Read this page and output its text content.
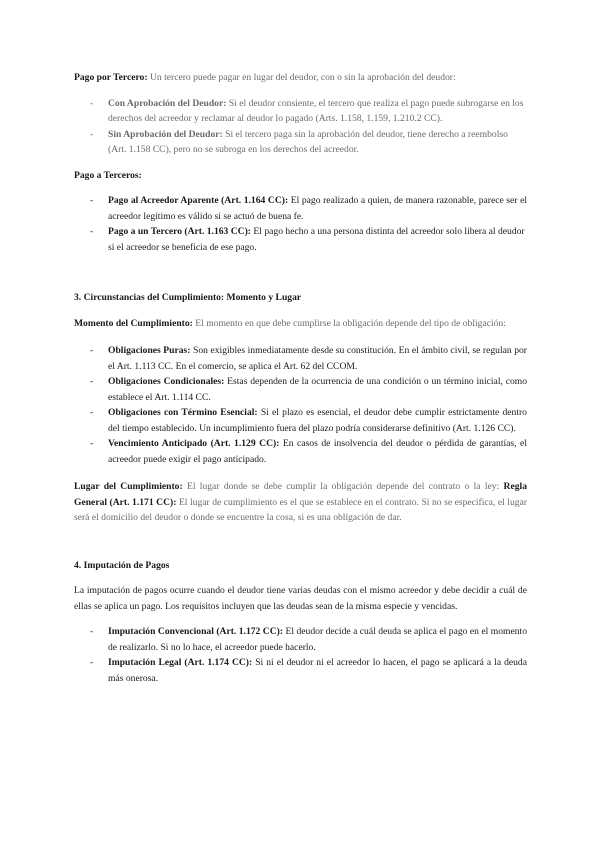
Pago por Tercero: Un tercero puede pagar en lugar del deudor, con o sin la aprobación del deudor:

- Con Aprobación del Deudor: Si el deudor consiente, el tercero que realiza el pago puede subrogarse en los derechos del acreedor y reclamar al deudor lo pagado (Arts. 1.158, 1.159, 1.210.2 CC).
- Sin Aprobación del Deudor: Si el tercero paga sin la aprobación del deudor, tiene derecho a reembolso (Art. 1.158 CC), pero no se subroga en los derechos del acreedor.

Pago a Terceros:

- Pago al Acreedor Aparente (Art. 1.164 CC): El pago realizado a quien, de manera razonable, parece ser el acreedor legítimo es válido si se actuó de buena fe.
- Pago a un Tercero (Art. 1.163 CC): El pago hecho a una persona distinta del acreedor solo libera al deudor si el acreedor se beneficia de ese pago.

3. Circunstancias del Cumplimiento: Momento y Lugar

Momento del Cumplimiento: El momento en que debe cumplirse la obligación depende del tipo de obligación:

- Obligaciones Puras: Son exigibles inmediatamente desde su constitución. En el ámbito civil, se regulan por el Art. 1.113 CC. En el comercio, se aplica el Art. 62 del CCOM.
- Obligaciones Condicionales: Estas dependen de la ocurrencia de una condición o un término inicial, como establece el Art. 1.114 CC.
- Obligaciones con Término Esencial: Si el plazo es esencial, el deudor debe cumplir estrictamente dentro del tiempo establecido. Un incumplimiento fuera del plazo podría considerarse definitivo (Art. 1.126 CC).
- Vencimiento Anticipado (Art. 1.129 CC): En casos de insolvencia del deudor o pérdida de garantías, el acreedor puede exigir el pago anticipado.

Lugar del Cumplimiento: El lugar donde se debe cumplir la obligación depende del contrato o la ley: Regla General (Art. 1.171 CC): El lugar de cumplimiento es el que se establece en el contrato. Si no se especifica, el lugar será el domicilio del deudor o donde se encuentre la cosa, si es una obligación de dar.

4. Imputación de Pagos

La imputación de pagos ocurre cuando el deudor tiene varias deudas con el mismo acreedor y debe decidir a cuál de ellas se aplica un pago. Los requisitos incluyen que las deudas sean de la misma especie y vencidas.

- Imputación Convencional (Art. 1.172 CC): El deudor decide a cuál deuda se aplica el pago en el momento de realizarlo. Si no lo hace, el acreedor puede hacerlo.
- Imputación Legal (Art. 1.174 CC): Si ni el deudor ni el acreedor lo hacen, el pago se aplicará a la deuda más onerosa.
